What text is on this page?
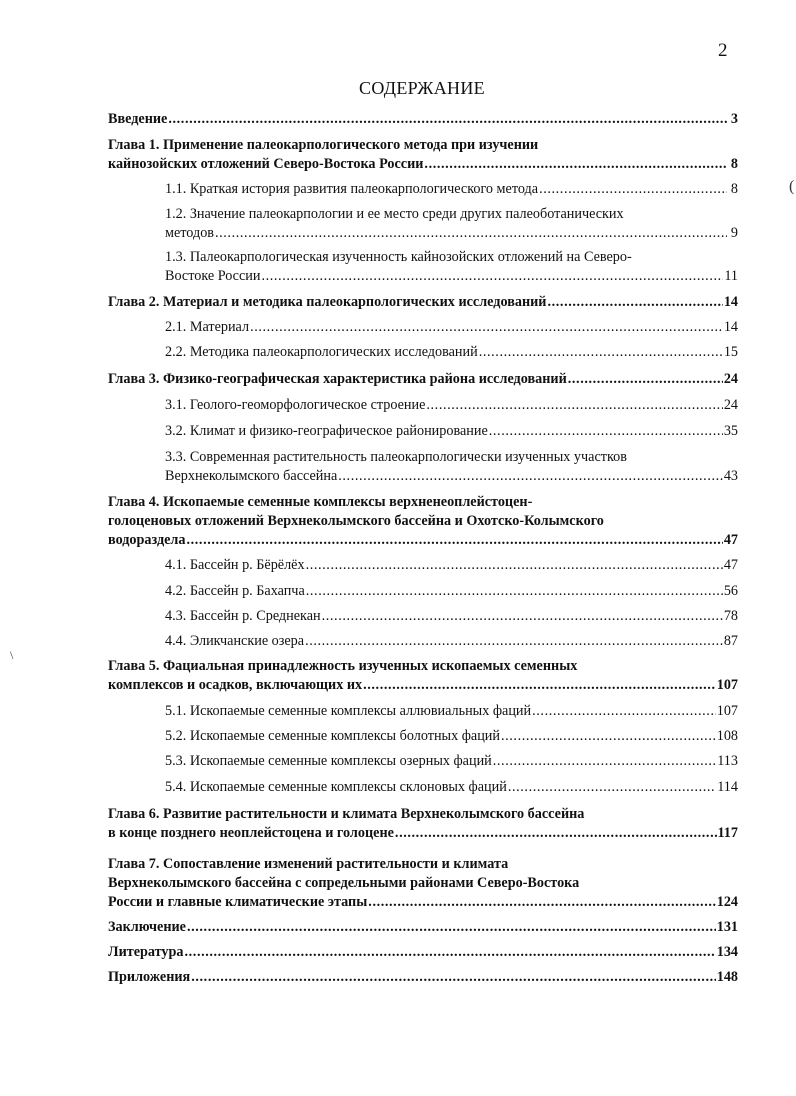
2
СОДЕРЖАНИЕ
(
\
Введение .....	3
Глава 1. Применение палеокарпологического метода при изучении
кайнозойских отложений Северо-Востока России .....	8
1.1. Краткая история развития палеокарпологического метода .....	8
1.2. Значение палеокарпологии и ее место среди других палеоботанических
методов .....	9
1.3. Палеокарпологическая изученность кайнозойских отложений на Северо-
Востоке России .....	11
Глава 2. Материал и методика палеокарпологических исследований .....	14
2.1. Материал .....	14
2.2. Методика палеокарпологических исследований .....	15
Глава 3. Физико-географическая характеристика района исследований .....	24
3.1. Геолого-геоморфологическое строение .....	24
3.2. Климат и физико-географическое районирование .....	35
3.3. Современная растительность палеокарпологически изученных участков
Верхнеколымского бассейна .....	43
Глава 4. Ископаемые семенные комплексы верхненеоплейстоцен-
голоценовых отложений Верхнеколымского бассейна и Охотско-Колымского
водораздела .....	47
4.1. Бассейн р. Бёрёлёх .....	47
4.2. Бассейн р. Бахапча .....	56
4.3. Бассейн р. Среднекан .....	78
4.4. Эликчанские озера .....	87
Глава 5. Фациальная принадлежность изученных ископаемых семенных
комплексов и осадков, включающих их .....	107
5.1. Ископаемые семенные комплексы аллювиальных фаций .....	107
5.2. Ископаемые семенные комплексы болотных фаций .....	108
5.3. Ископаемые семенные комплексы озерных фаций .....	113
5.4. Ископаемые семенные комплексы склоновых фаций .....	114
Глава 6. Развитие растительности и климата Верхнеколымского бассейна
в конце позднего неоплейстоцена и голоцене .....	117
Глава 7. Сопоставление изменений растительности и климата
Верхнеколымского бассейна с сопредельными районами Северо-Востока
России и главные климатические этапы .....	124
Заключение .....	131
Литература .....	134
Приложения .....	148
